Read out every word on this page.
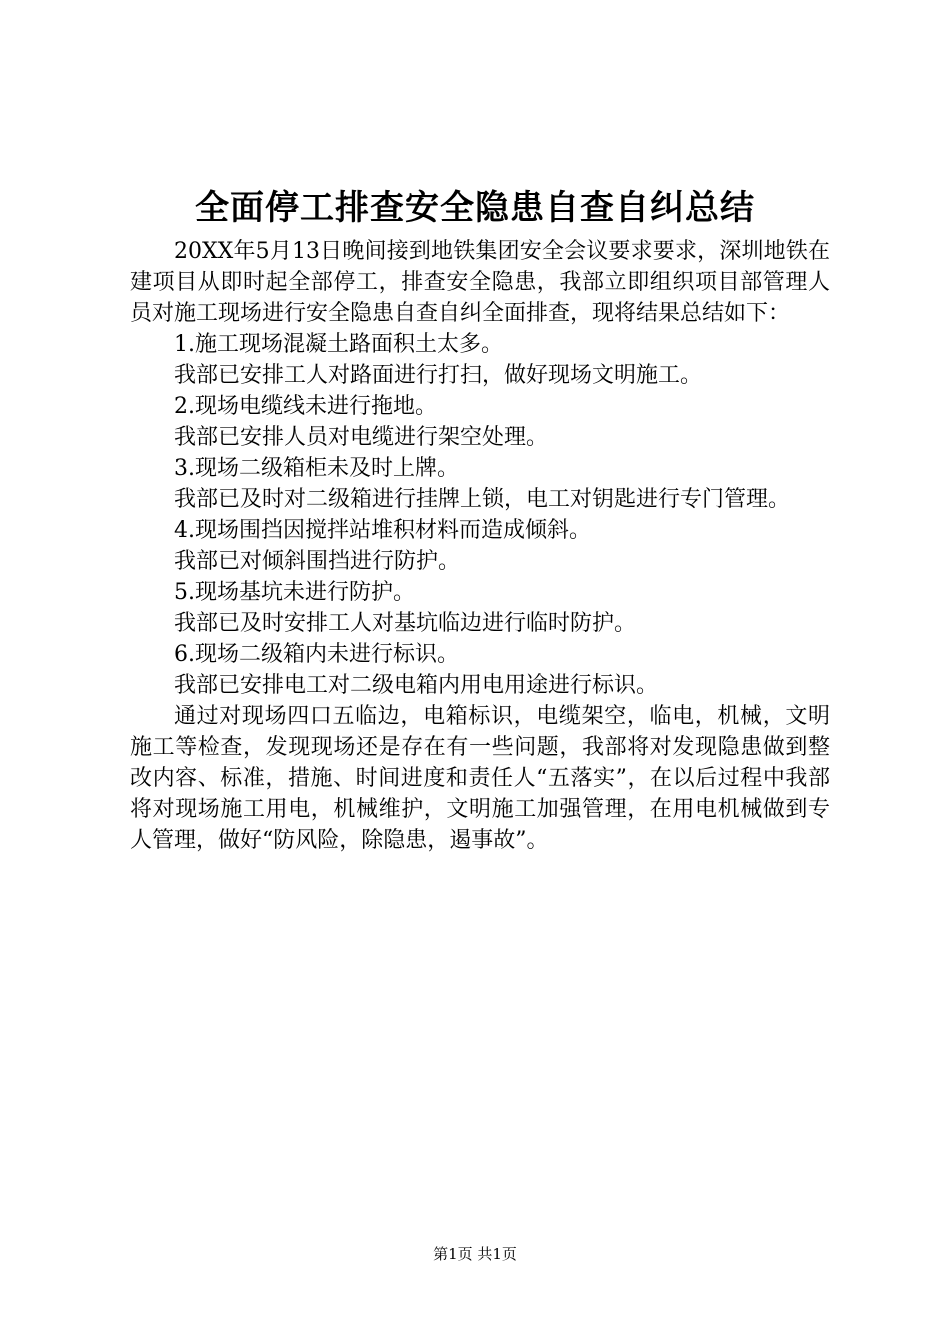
全面停工排查安全隐患自查自纠总结

20XX年5月13日晚间接到地铁集团安全会议要求要求，深圳地铁在建项目从即时起全部停工，排查安全隐患，我部立即组织项目部管理人员对施工现场进行安全隐患自查自纠全面排查，现将结果总结如下：

1.施工现场混凝土路面积土太多。

我部已安排工人对路面进行打扫，做好现场文明施工。

2.现场电缆线未进行拖地。

我部已安排人员对电缆进行架空处理。

3.现场二级箱柜未及时上牌。

我部已及时对二级箱进行挂牌上锁，电工对钥匙进行专门管理。

4.现场围挡因搅拌站堆积材料而造成倾斜。

我部已对倾斜围挡进行防护。

5.现场基坑未进行防护。

我部已及时安排工人对基坑临边进行临时防护。

6.现场二级箱内未进行标识。

我部已安排电工对二级电箱内用电用途进行标识。

通过对现场四口五临边，电箱标识，电缆架空，临电，机械，文明施工等检查，发现现场还是存在有一些问题，我部将对发现隐患做到整改内容、标准，措施、时间进度和责任人“五落实”，在以后过程中我部将对现场施工用电，机械维护，文明施工加强管理，在用电机械做到专人管理，做好“防风险，除隐患，遏事故”。

第1页 共1页
